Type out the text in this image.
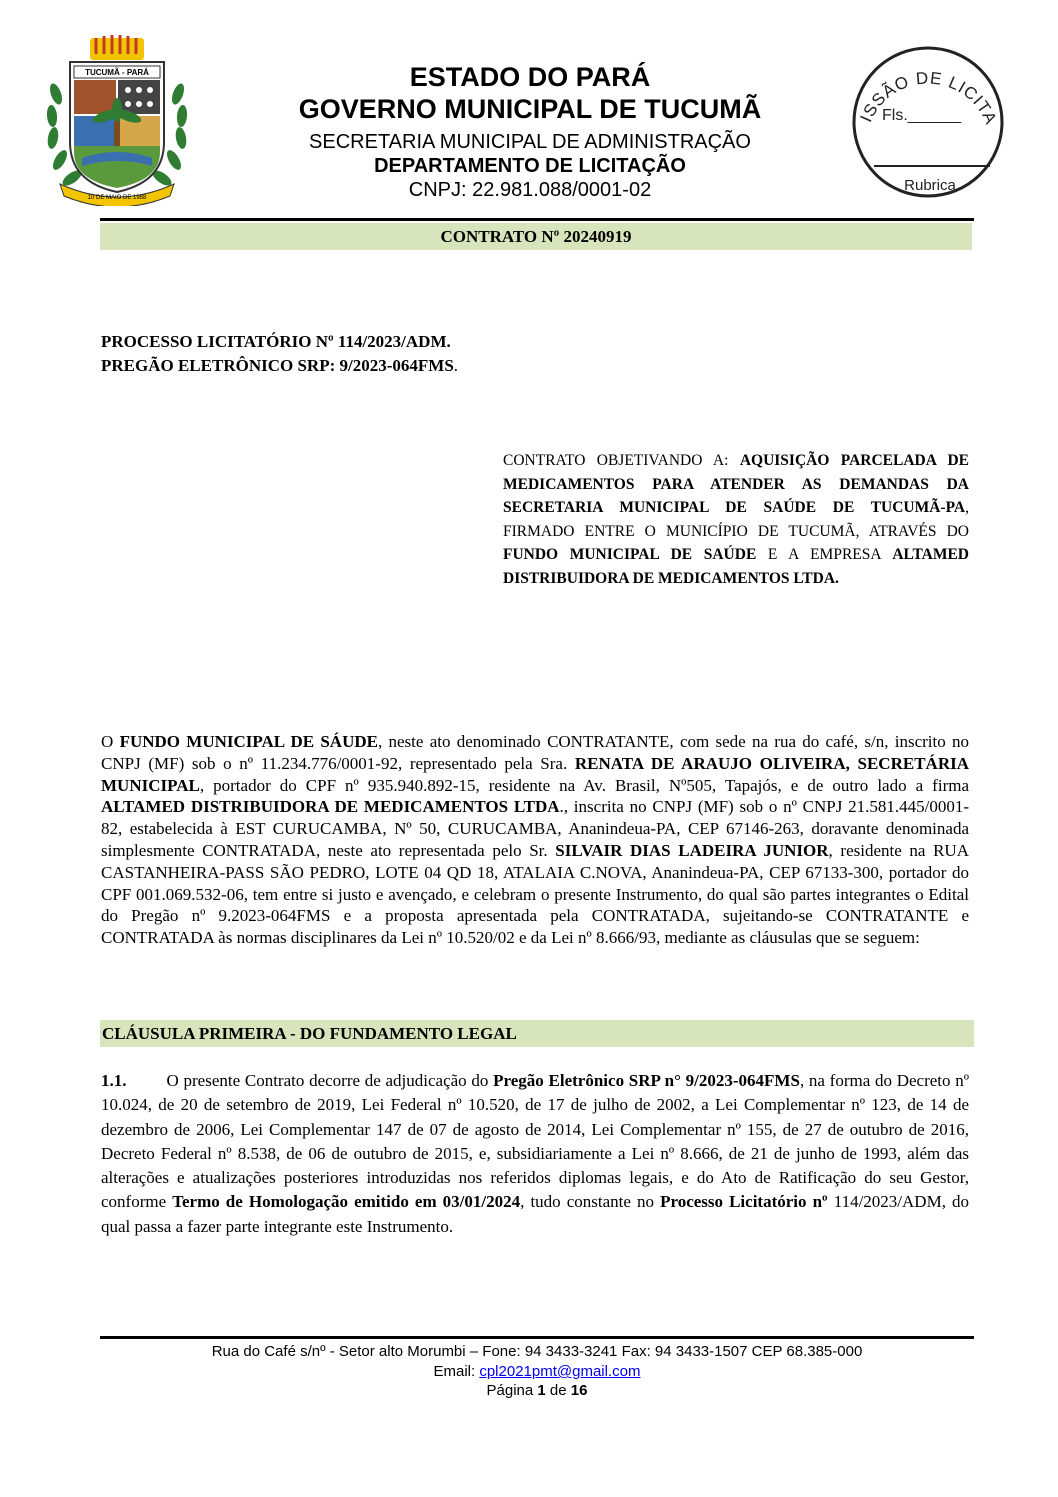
TUCUMÃ - PARÁ
10 DE MAIO DE 1988
ESTADO DO PARÁ
GOVERNO MUNICIPAL DE TUCUMÃ
SECRETARIA MUNICIPAL DE ADMINISTRAÇÃO
DEPARTAMENTO DE LICITAÇÃO
CNPJ: 22.981.088/0001-02
ISSÃO DE LICITA
Fls.______
Rubrica
CONTRATO Nº 20240919
PROCESSO LICITATÓRIO Nº 114/2023/ADM.
PREGÃO ELETRÔNICO SRP: 9/2023-064FMS.
CONTRATO OBJETIVANDO A: AQUISIÇÃO PARCELADA DE MEDICAMENTOS PARA ATENDER AS DEMANDAS DA SECRETARIA MUNICIPAL DE SAÚDE DE TUCUMÃ-PA, FIRMADO ENTRE O MUNICÍPIO DE TUCUMÃ, ATRAVÉS DO FUNDO MUNICIPAL DE SAÚDE E A EMPRESA ALTAMED DISTRIBUIDORA DE MEDICAMENTOS LTDA.
O FUNDO MUNICIPAL DE SÁUDE, neste ato denominado CONTRATANTE, com sede na rua do café, s/n, inscrito no CNPJ (MF) sob o nº 11.234.776/0001-92, representado pela Sra. RENATA DE ARAUJO OLIVEIRA, SECRETÁRIA MUNICIPAL, portador do CPF nº 935.940.892-15, residente na Av. Brasil, Nº505, Tapajós, e de outro lado a firma ALTAMED DISTRIBUIDORA DE MEDICAMENTOS LTDA., inscrita no CNPJ (MF) sob o nº CNPJ 21.581.445/0001-82, estabelecida à EST CURUCAMBA, Nº 50, CURUCAMBA, Ananindeua-PA, CEP 67146-263, doravante denominada simplesmente CONTRATADA, neste ato representada pelo Sr. SILVAIR DIAS LADEIRA JUNIOR, residente na RUA CASTANHEIRA-PASS SÃO PEDRO, LOTE 04 QD 18, ATALAIA C.NOVA, Ananindeua-PA, CEP 67133-300, portador do CPF 001.069.532-06, tem entre si justo e avençado, e celebram o presente Instrumento, do qual são partes integrantes o Edital do Pregão nº 9.2023-064FMS e a proposta apresentada pela CONTRATADA, sujeitando-se CONTRATANTE e CONTRATADA às normas disciplinares da Lei nº 10.520/02 e da Lei nº 8.666/93, mediante as cláusulas que se seguem:
CLÁUSULA PRIMEIRA - DO FUNDAMENTO LEGAL
1.1. O presente Contrato decorre de adjudicação do Pregão Eletrônico SRP n° 9/2023-064FMS, na forma do Decreto nº 10.024, de 20 de setembro de 2019, Lei Federal nº 10.520, de 17 de julho de 2002, a Lei Complementar nº 123, de 14 de dezembro de 2006, Lei Complementar 147 de 07 de agosto de 2014, Lei Complementar nº 155, de 27 de outubro de 2016, Decreto Federal nº 8.538, de 06 de outubro de 2015, e, subsidiariamente a Lei nº 8.666, de 21 de junho de 1993, além das alterações e atualizações posteriores introduzidas nos referidos diplomas legais, e do Ato de Ratificação do seu Gestor, conforme Termo de Homologação emitido em 03/01/2024, tudo constante no Processo Licitatório nº 114/2023/ADM, do qual passa a fazer parte integrante este Instrumento.
Rua do Café s/nº - Setor alto Morumbi – Fone: 94 3433-3241 Fax: 94 3433-1507 CEP 68.385-000
Email: cpl2021pmt@gmail.com
Página 1 de 16
